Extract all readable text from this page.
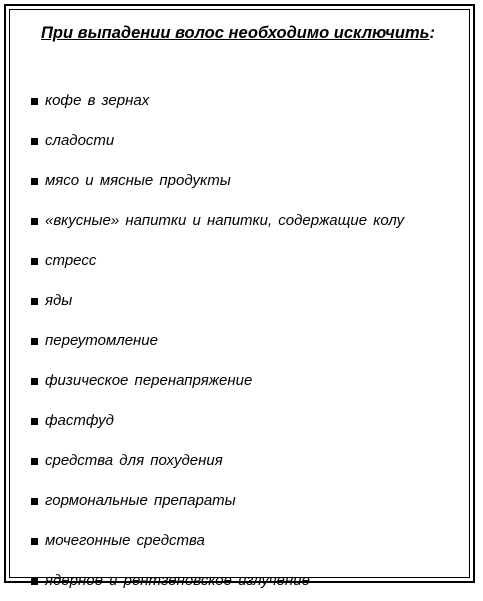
При выпадении волос необходимо исключить:
кофе в зернах
сладости
мясо и мясные продукты
«вкусные» напитки и напитки, содержащие колу
стресс
яды
переутомление
физическое перенапряжение
фастфуд
средства для похудения
гормональные препараты
мочегонные средства
ядерное и рентгеновское излучение
